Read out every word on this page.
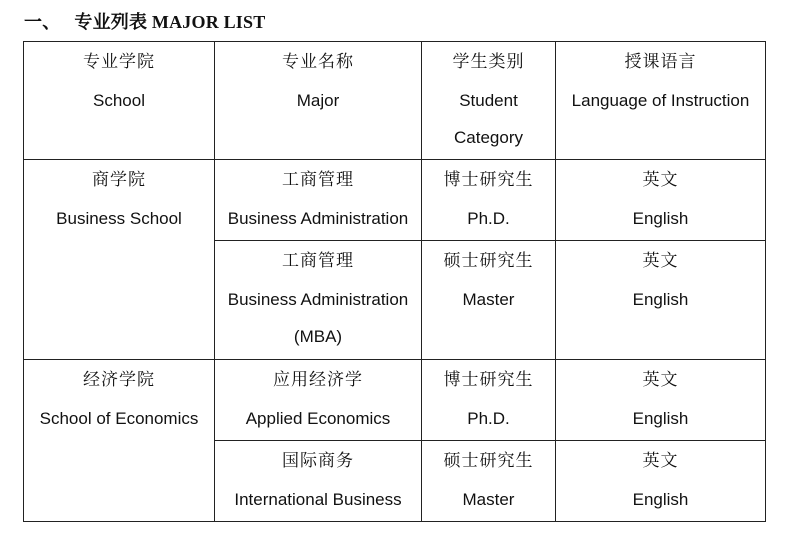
一、 专业列表 MAJOR LIST
专业学院
School	专业名称
Major	学生类别
Student
Category	授课语言
Language of Instruction

商学院
Business School	工商管理
Business Administration	博士研究生
Ph.D.	英文
English

	工商管理
Business Administration
(MBA)	硕士研究生
Master	英文
English

经济学院
School of Economics	应用经济学
Applied Economics	博士研究生
Ph.D.	英文
English

	国际商务
International Business	硕士研究生
Master	英文
English
